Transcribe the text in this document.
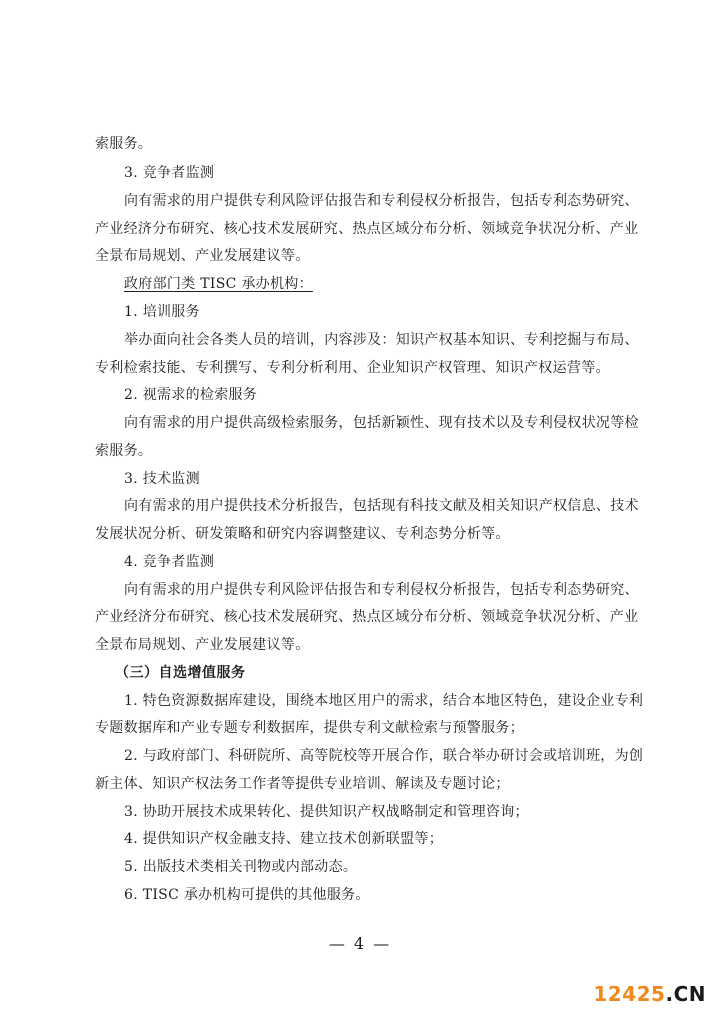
索服务。
3. 竞争者监测
向有需求的用户提供专利风险评估报告和专利侵权分析报告，包括专利态势研究、
产业经济分布研究、核心技术发展研究、热点区域分布分析、领域竞争状况分析、产业
全景布局规划、产业发展建议等。
政府部门类 TISC 承办机构：
1. 培训服务
举办面向社会各类人员的培训，内容涉及：知识产权基本知识、专利挖掘与布局、
专利检索技能、专利撰写、专利分析利用、企业知识产权管理、知识产权运营等。
2. 视需求的检索服务
向有需求的用户提供高级检索服务，包括新颖性、现有技术以及专利侵权状况等检
索服务。
3. 技术监测
向有需求的用户提供技术分析报告，包括现有科技文献及相关知识产权信息、技术
发展状况分析、研发策略和研究内容调整建议、专利态势分析等。
4. 竞争者监测
向有需求的用户提供专利风险评估报告和专利侵权分析报告，包括专利态势研究、
产业经济分布研究、核心技术发展研究、热点区域分布分析、领域竞争状况分析、产业
全景布局规划、产业发展建议等。
（三）自选增值服务
1. 特色资源数据库建设，围绕本地区用户的需求，结合本地区特色，建设企业专利
专题数据库和产业专题专利数据库，提供专利文献检索与预警服务；
2. 与政府部门、科研院所、高等院校等开展合作，联合举办研讨会或培训班，为创
新主体、知识产权法务工作者等提供专业培训、解读及专题讨论；
3. 协助开展技术成果转化、提供知识产权战略制定和管理咨询；
4. 提供知识产权金融支持、建立技术创新联盟等；
5. 出版技术类相关刊物或内部动态。
6. TISC 承办机构可提供的其他服务。
— 4 —
12425.CN
